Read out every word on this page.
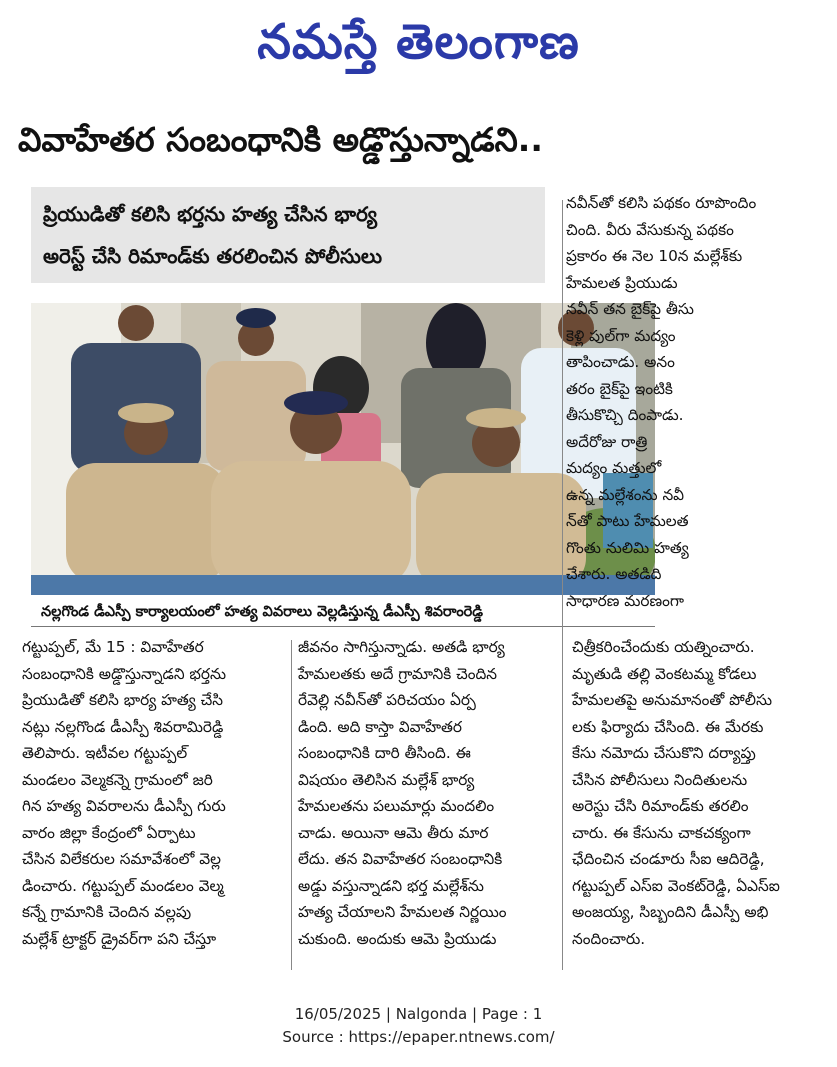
నమస్తే తెలంగాణ
వివాహేతర సంబంధానికి అడ్డొస్తున్నాడని..
ప్రియుడితో కలిసి భర్తను హత్య చేసిన భార్య
అరెస్ట్ చేసి రిమాండ్‌కు తరలించిన పోలీసులు
నల్లగొండ డీఎస్పీ కార్యాలయంలో హత్య వివరాలు వెల్లడిస్తున్న డీఎస్పీ శివరాంరెడ్డి
నవీన్‌తో కలిసి పథకం రూపొందిం
చింది. వీరు వేసుకున్న పథకం
ప్రకారం ఈ నెల 10న మల్లేశ్‌కు
హేమలత ప్రియుడు
నవీన్ తన బైక్‌పై తీసు
కెళ్లి పుల్‌గా మద్యం
తాపించాడు. అనం
తరం బైక్‌పై ఇంటికి
తీసుకొచ్చి దింపాడు.
అదేరోజు రాత్రి
మద్యం మత్తులో
ఉన్న మల్లేశంను నవీ
న్‌తో పాటు హేమలత
గొంతు నులిమి హత్య
చేశారు. అతడిది
సాధారణ మరణంగా
గట్టుప్పల్, మే 15 : వివాహేతర
సంబంధానికి అడ్డొస్తున్నాడని భర్తను
ప్రియుడితో కలిసి భార్య హత్య చేసి
నట్లు నల్లగొండ డీఎస్పీ శివరామిరెడ్డి
తెలిపారు. ఇటీవల గట్టుప్పల్
మండలం వెల్మకన్నె గ్రామంలో జరి
గిన హత్య వివరాలను డీఎస్పీ గురు
వారం జిల్లా కేంద్రంలో ఏర్పాటు
చేసిన విలేకరుల సమావేశంలో వెల్ల
డించారు. గట్టుప్పల్ మండలం వెల్మ
కన్నే గ్రామానికి చెందిన వల్లపు
మల్లేశ్ ట్రాక్టర్ డ్రైవర్‌గా పని చేస్తూ
జీవనం సాగిస్తున్నాడు. అతడి భార్య
హేమలతకు అదే గ్రామానికి చెందిన
రేవెల్లి నవీన్‌తో పరిచయం ఏర్ప
డింది. అది కాస్తా వివాహేతర
సంబంధానికి దారి తీసింది. ఈ
విషయం తెలిసిన మల్లేశ్ భార్య
హేమలతను పలుమార్లు మందలిం
చాడు. అయినా ఆమె తీరు మార
లేదు. తన వివాహేతర సంబంధానికి
అడ్డు వస్తున్నాడని భర్త మల్లేశ్‌ను
హత్య చేయాలని హేమలత నిర్ణయిం
చుకుంది. అందుకు ఆమె ప్రియుడు
చిత్రీకరించేందుకు యత్నించారు.
మృతుడి తల్లి వెంకటమ్మ కోడలు
హేమలతపై అనుమానంతో పోలీసు
లకు ఫిర్యాదు చేసింది. ఈ మేరకు
కేసు నమోదు చేసుకొని దర్యాప్తు
చేసిన పోలీసులు నిందితులను
అరెస్టు చేసి రిమాండ్‌కు తరలిం
చారు. ఈ కేసును చాకచక్యంగా
ఛేదించిన చండూరు సీఐ ఆదిరెడ్డి,
గట్టుప్పల్ ఎస్ఐ వెంకట్‌రెడ్డి, ఏఎస్ఐ
అంజయ్య, సిబ్బందిని డీఎస్పీ అభి
నందించారు.
16/05/2025 | Nalgonda | Page : 1
Source : https://epaper.ntnews.com/
